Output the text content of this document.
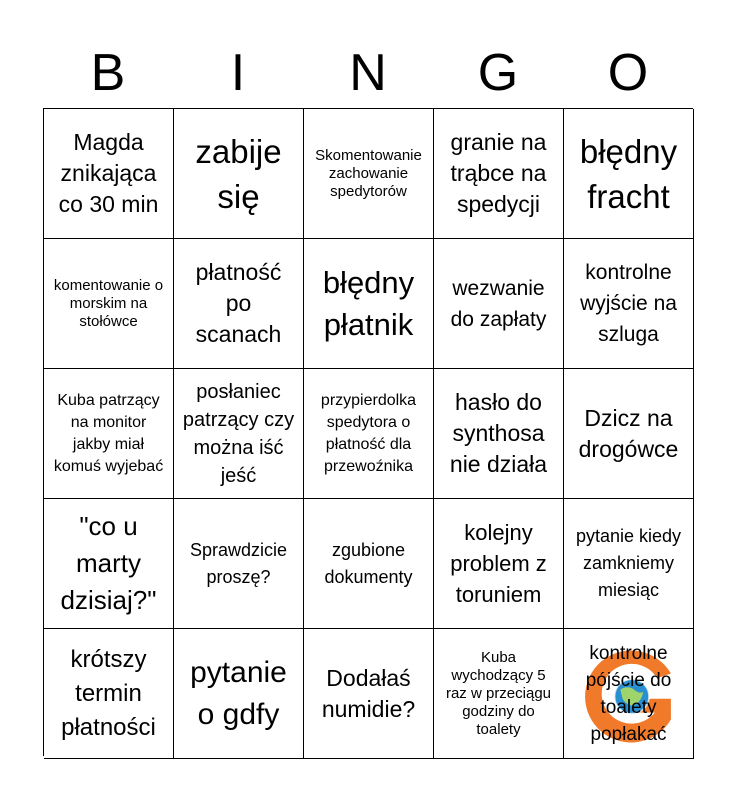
B	I	N	G	O
Magda znikająca co 30 min
zabije się
Skomentowanie zachowanie spedytorów
granie na trąbce na spedycji
błędny fracht
komentowanie o morskim na stołówce
płatność po scanach
błędny płatnik
wezwanie do zapłaty
kontrolne wyjście na szluga
Kuba patrzący na monitor jakby miał komuś wyjebać
posłaniec patrzący czy można iść jeść
przypierdolka spedytora o płatność dla przewoźnika
hasło do synthosa nie działa
Dzicz na drogówce
"co u marty dzisiaj?"
Sprawdzicie proszę?
zgubione dokumenty
kolejny problem z toruniem
pytanie kiedy zamkniemy miesiąc
krótszy termin płatności
pytanie o gdfy
Dodałaś numidie?
Kuba wychodzący 5 raz w przeciągu godziny do toalety
kontrolne pójście do toalety popłakać
